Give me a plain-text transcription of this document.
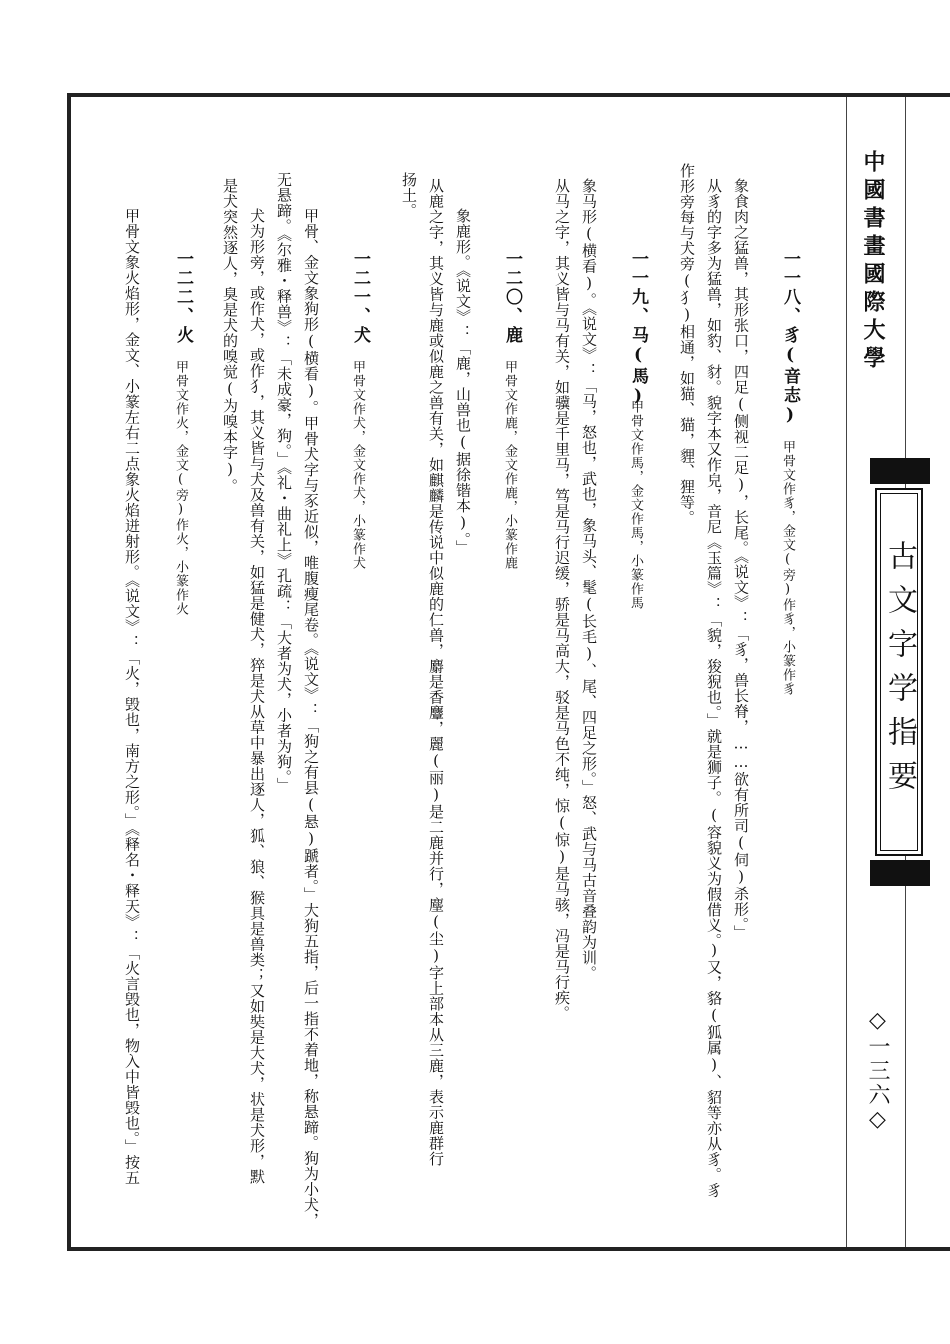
中國書畫國際大學
古文字学指要
◇一三六◇
一一八、豸(音志)
甲骨文作豸，金文(旁)作豸，小篆作豸
象食肉之猛兽，其形张口，四足(侧视二足)，长尾。《说文》：「豸，兽长脊，……欲有所司(伺)杀形。」
从豸的字多为猛兽，如豹、豺。貌字本又作皃，音尼《玉篇》：「貌，狻猊也。」就是狮子。(容貌义为假借义。)又，貉(狐属)、貂等亦从豸。豸
作形旁每与犬旁(犭)相通，如猫、猫，貍、狸等。
一一九、马(馬)
甲骨文作馬，金文作馬，小篆作馬
象马形(横看)。《说文》：「马，怒也，武也，象马头、髦(长毛)、尾、四足之形。」怒、武与马古音叠韵为训。
从马之字，其义皆与马有关，如骥是千里马，笃是马行迟缓，骄是马高大，驳是马色不纯，惊(惊)是马骇，冯是马行疾。
一二〇、鹿
甲骨文作鹿，金文作鹿，小篆作鹿
象鹿形。《说文》：「鹿，山兽也(据徐锴本)。」
从鹿之字，其义皆与鹿或似鹿之兽有关，如麒麟是传说中似鹿的仁兽，麝是香麞，麗(丽)是二鹿并行，麈(尘)字上部本从三鹿，表示鹿群行
扬土。
一二一、犬
甲骨文作犬，金文作犬，小篆作犬
甲骨、金文象狗形(横看)。甲骨犬字与豕近似，唯腹瘦尾卷。《说文》：「狗之有县(悬)蹏者。」大狗五指，后一指不着地，称悬蹄。狗为小犬，
无悬蹄。《尔雅・释兽》：「未成豪，狗。」《礼・曲礼上》孔疏：「大者为犬，小者为狗。」
犬为形旁，或作犬，或作犭，其义皆与犬及兽有关，如猛是健犬，猝是犬从草中暴出逐人，狐、狼、猴具是兽类；又如奘是大犬，状是犬形，默
是犬突然逐人，臭是犬的嗅觉(为嗅本字)。
一二二、火
甲骨文作火，金文(旁)作火，小篆作火
甲骨文象火焰形，金文、小篆左右二点象火焰迸射形。《说文》：「火，毁也，南方之形。」《释名・释天》：「火言毁也，物入中皆毁也。」按五
